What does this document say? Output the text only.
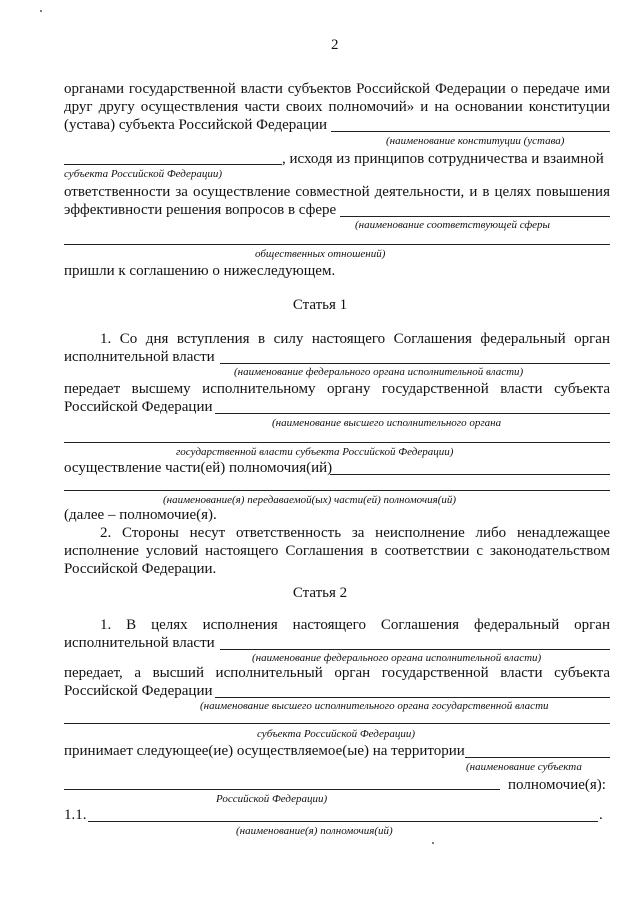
2
органами государственной власти субъектов Российской Федерации о передаче ими
друг другу осуществления части своих полномочий» и на основании конституции
(устава) субъекта Российской Федерации
(наименование конституции (устава)
, исходя из принципов сотрудничества и взаимной
субъекта Российской Федерации)
ответственности за осуществление совместной деятельности, и в целях повышения
эффективности решения вопросов в сфере
(наименование соответствующей сферы
общественных отношений)
пришли к соглашению о нижеследующем.
Статья 1
1. Со дня вступления в силу настоящего Соглашения федеральный орган
исполнительной власти
(наименование федерального органа исполнительной власти)
передает высшему исполнительному органу государственной власти субъекта
Российской Федерации
(наименование высшего исполнительного органа
государственной власти субъекта Российской Федерации)
осуществление части(ей) полномочия(ий)
(наименование(я) передаваемой(ых) части(ей) полномочия(ий)
(далее – полномочие(я).
2. Стороны несут ответственность за неисполнение либо ненадлежащее
исполнение условий настоящего Соглашения в соответствии с законодательством
Российской Федерации.
Статья 2
1. В целях исполнения настоящего Соглашения федеральный орган
исполнительной власти
(наименование федерального органа исполнительной власти)
передает, а высший исполнительный орган государственной власти субъекта
Российской Федерации
(наименование высшего исполнительного органа государственной власти
субъекта Российской Федерации)
принимает следующее(ие) осуществляемое(ые) на территории
(наименование субъекта
полномочие(я):
Российской Федерации)
1.1.	.
(наименование(я) полномочия(ий)
